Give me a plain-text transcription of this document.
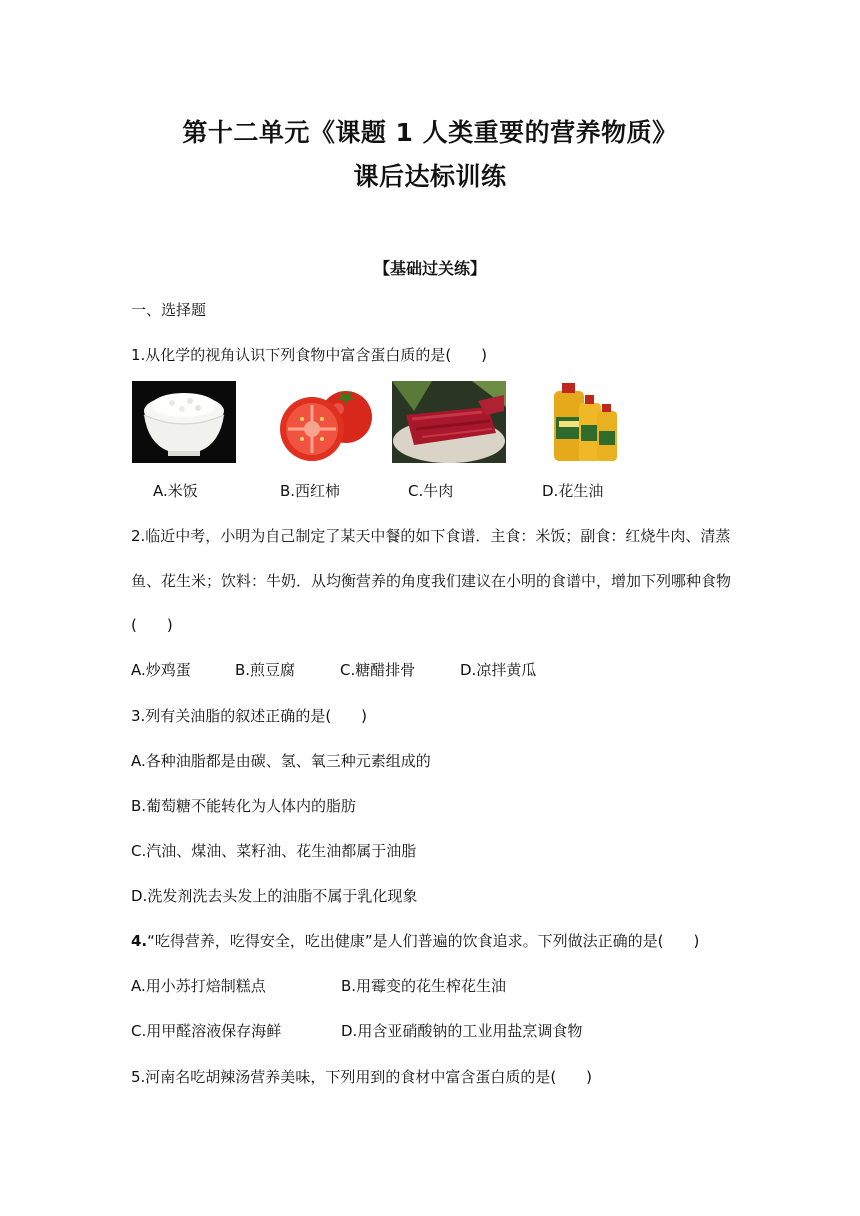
第十二单元《课题 1 人类重要的营养物质》
课后达标训练
【基础过关练】
一、选择题
1.从化学的视角认识下列食物中富含蛋白质的是(　　)
A.米饭	B.西红柿	C.牛肉	D.花生油
2.临近中考，小明为自己制定了某天中餐的如下食谱．主食：米饭；副食：红烧牛肉、清蒸
鱼、花生米；饮料：牛奶．从均衡营养的角度我们建议在小明的食谱中，增加下列哪种食物
(　　)
A.炒鸡蛋	B.煎豆腐	C.糖醋排骨	D.凉拌黄瓜
3.列有关油脂的叙述正确的是(　　)
A.各种油脂都是由碳、氢、氧三种元素组成的
B.葡萄糖不能转化为人体内的脂肪
C.汽油、煤油、菜籽油、花生油都属于油脂
D.洗发剂洗去头发上的油脂不属于乳化现象
4.“吃得营养，吃得安全，吃出健康”是人们普遍的饮食追求。下列做法正确的是(　　)
A.用小苏打焙制糕点	B.用霉变的花生榨花生油
C.用甲醛溶液保存海鲜	D.用含亚硝酸钠的工业用盐烹调食物
5.河南名吃胡辣汤营养美味，下列用到的食材中富含蛋白质的是(　　)
